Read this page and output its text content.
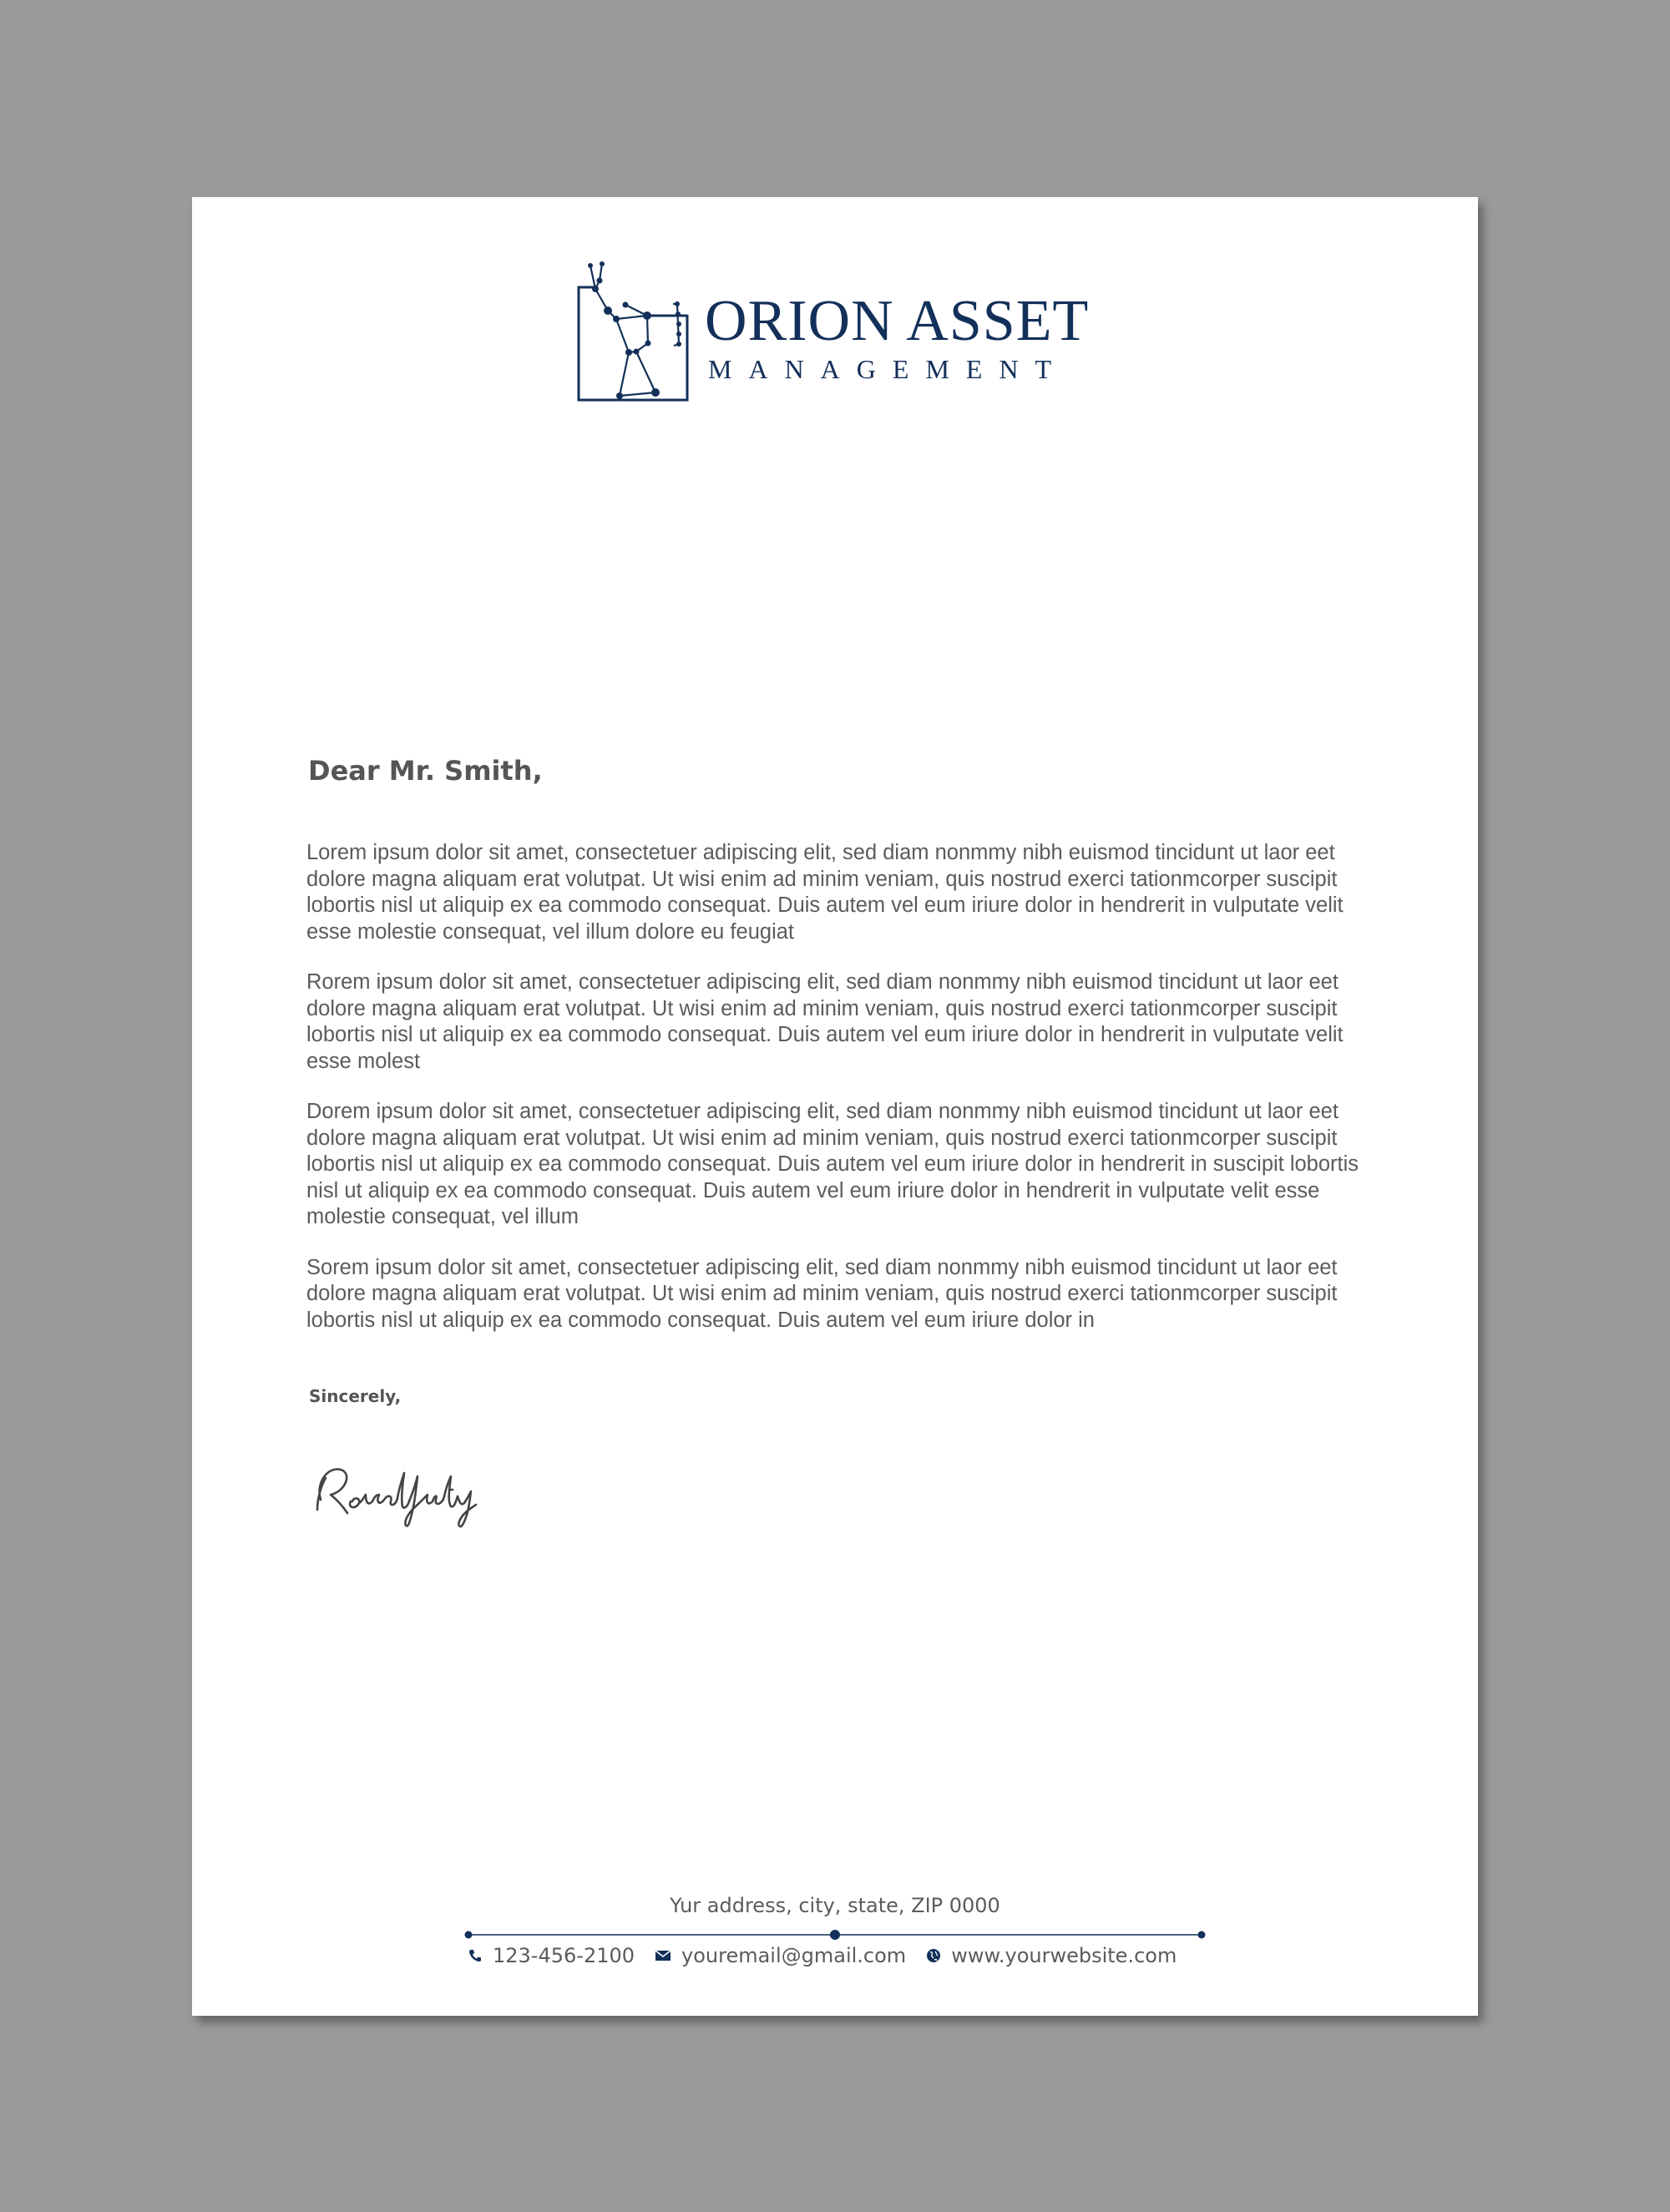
ORION ASSET
MANAGEMENT
Dear Mr. Smith,

Lorem ipsum dolor sit amet, consectetuer adipiscing elit, sed diam nonmmy nibh euismod tincidunt ut laor eet dolore magna aliquam erat volutpat. Ut wisi enim ad minim veniam, quis nostrud exerci tationmcorper suscipit lobortis nisl ut aliquip ex ea commodo consequat. Duis autem vel eum iriure dolor in hendrerit in vulputate velit esse molestie consequat, vel illum dolore eu feugiat

Rorem ipsum dolor sit amet, consectetuer adipiscing elit, sed diam nonmmy nibh euismod tincidunt ut laor eet dolore magna aliquam erat volutpat. Ut wisi enim ad minim veniam, quis nostrud exerci tationmcorper suscipit lobortis nisl ut aliquip ex ea commodo consequat. Duis autem vel eum iriure dolor in hendrerit in vulputate velit esse molest

Dorem ipsum dolor sit amet, consectetuer adipiscing elit, sed diam nonmmy nibh euismod tincidunt ut laor eet dolore magna aliquam erat volutpat. Ut wisi enim ad minim veniam, quis nostrud exerci tationmcorper suscipit lobortis nisl ut aliquip ex ea commodo consequat. Duis autem vel eum iriure dolor in hendrerit in suscipit lobortis nisl ut aliquip ex ea commodo consequat. Duis autem vel eum iriure dolor in hendrerit in vulputate velit esse molestie consequat, vel illum

Sorem ipsum dolor sit amet, consectetuer adipiscing elit, sed diam nonmmy nibh euismod tincidunt ut laor eet dolore magna aliquam erat volutpat. Ut wisi enim ad minim veniam, quis nostrud exerci tationmcorper suscipit lobortis nisl ut aliquip ex ea commodo consequat. Duis autem vel eum iriure dolor in

Sincerely,
Yur address, city, state, ZIP 0000
123-456-2100 youremail@gmail.com www.yourwebsite.com
